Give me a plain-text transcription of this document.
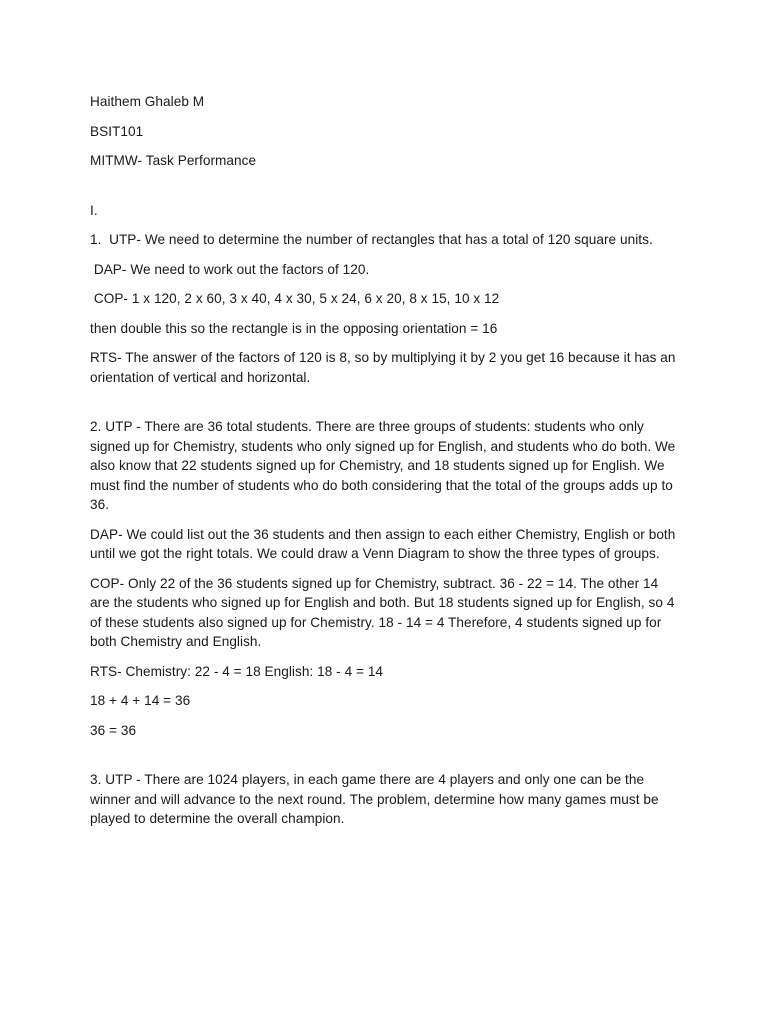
Haithem Ghaleb M

BSIT101

MITMW- Task Performance

I.

1.  UTP- We need to determine the number of rectangles that has a total of 120 square units.

DAP- We need to work out the factors of 120.

COP- 1 x 120, 2 x 60, 3 x 40, 4 x 30, 5 x 24, 6 x 20, 8 x 15, 10 x 12

then double this so the rectangle is in the opposing orientation = 16

RTS- The answer of the factors of 120 is 8, so by multiplying it by 2 you get 16 because it has an orientation of vertical and horizontal.

2. UTP - There are 36 total students. There are three groups of students: students who only signed up for Chemistry, students who only signed up for English, and students who do both. We also know that 22 students signed up for Chemistry, and 18 students signed up for English. We must find the number of students who do both considering that the total of the groups adds up to 36.

DAP- We could list out the 36 students and then assign to each either Chemistry, English or both until we got the right totals. We could draw a Venn Diagram to show the three types of groups.

COP- Only 22 of the 36 students signed up for Chemistry, subtract. 36 - 22 = 14. The other 14 are the students who signed up for English and both. But 18 students signed up for English, so 4 of these students also signed up for Chemistry. 18 - 14 = 4 Therefore, 4 students signed up for both Chemistry and English.

RTS- Chemistry: 22 - 4 = 18 English: 18 - 4 = 14

18 + 4 + 14 = 36

36 = 36

3. UTP - There are 1024 players, in each game there are 4 players and only one can be the winner and will advance to the next round. The problem, determine how many games must be played to determine the overall champion.
